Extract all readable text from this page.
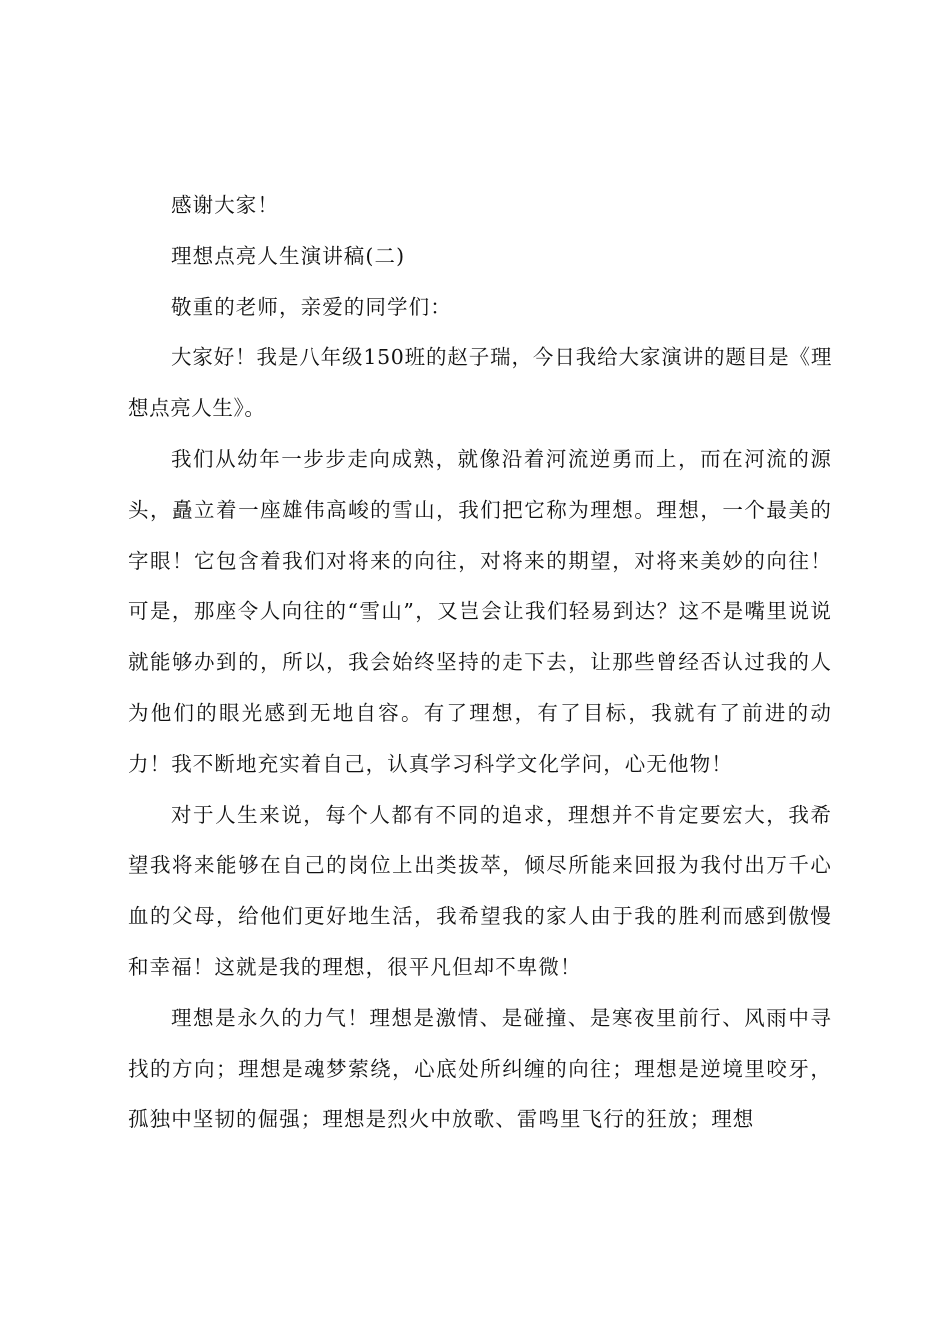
感谢大家！

理想点亮人生演讲稿(二)

敬重的老师，亲爱的同学们：

大家好！我是八年级150班的赵子瑞，今日我给大家演讲的题目是《理想点亮人生》。

我们从幼年一步步走向成熟，就像沿着河流逆勇而上，而在河流的源头，矗立着一座雄伟高峻的雪山，我们把它称为理想。理想，一个最美的字眼！它包含着我们对将来的向往，对将来的期望，对将来美妙的向往！可是，那座令人向往的“雪山”，又岂会让我们轻易到达？这不是嘴里说说就能够办到的，所以，我会始终坚持的走下去，让那些曾经否认过我的人为他们的眼光感到无地自容。有了理想，有了目标，我就有了前进的动力！我不断地充实着自己，认真学习科学文化学问，心无他物！

对于人生来说，每个人都有不同的追求，理想并不肯定要宏大，我希望我将来能够在自己的岗位上出类拔萃，倾尽所能来回报为我付出万千心血的父母，给他们更好地生活，我希望我的家人由于我的胜利而感到傲慢和幸福！这就是我的理想，很平凡但却不卑微！

理想是永久的力气！理想是激情、是碰撞、是寒夜里前行、风雨中寻找的方向；理想是魂梦萦绕，心底处所纠缠的向往；理想是逆境里咬牙，孤独中坚韧的倔强；理想是烈火中放歌、雷鸣里飞行的狂放；理想
